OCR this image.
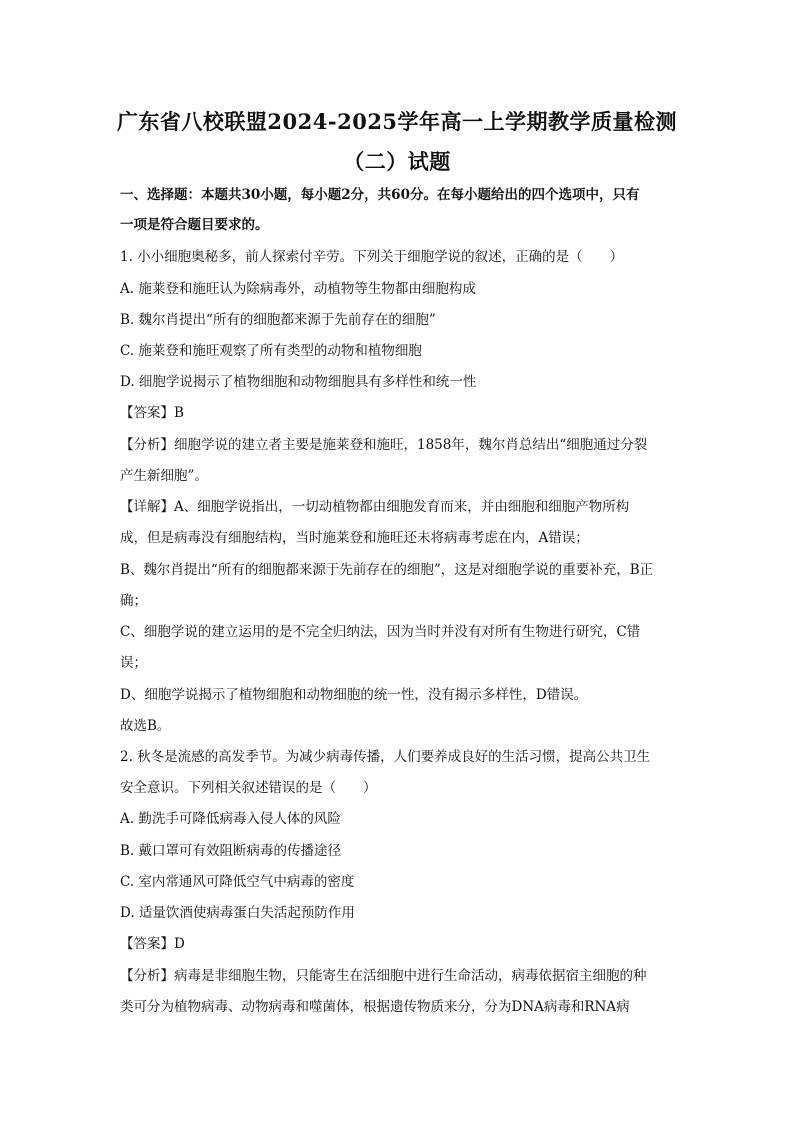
广东省八校联盟2024-2025学年高一上学期教学质量检测
（二）试题
一、选择题：本题共30小题，每小题2分，共60分。在每小题给出的四个选项中，只有
一项是符合题目要求的。
1. 小小细胞奥秘多，前人探索付辛劳。下列关于细胞学说的叙述，正确的是（　　）
A. 施莱登和施旺认为除病毒外，动植物等生物都由细胞构成
B. 魏尔肖提出“所有的细胞都来源于先前存在的细胞”
C. 施莱登和施旺观察了所有类型的动物和植物细胞
D. 细胞学说揭示了植物细胞和动物细胞具有多样性和统一性
【答案】B
【分析】细胞学说的建立者主要是施莱登和施旺，1858年，魏尔肖总结出“细胞通过分裂
产生新细胞”。
【详解】A、细胞学说指出，一切动植物都由细胞发育而来，并由细胞和细胞产物所构
成，但是病毒没有细胞结构，当时施莱登和施旺还未将病毒考虑在内，A错误；
B、魏尔肖提出“所有的细胞都来源于先前存在的细胞”，这是对细胞学说的重要补充，B正
确；
C、细胞学说的建立运用的是不完全归纳法，因为当时并没有对所有生物进行研究，C错
误；
D、细胞学说揭示了植物细胞和动物细胞的统一性，没有揭示多样性，D错误。
故选B。
2. 秋冬是流感的高发季节。为减少病毒传播，人们要养成良好的生活习惯，提高公共卫生
安全意识。下列相关叙述错误的是（　　）
A. 勤洗手可降低病毒入侵人体的风险
B. 戴口罩可有效阻断病毒的传播途径
C. 室内常通风可降低空气中病毒的密度
D. 适量饮酒使病毒蛋白失活起预防作用
【答案】D
【分析】病毒是非细胞生物，只能寄生在活细胞中进行生命活动，病毒依据宿主细胞的种
类可分为植物病毒、动物病毒和噬菌体，根据遗传物质来分，分为DNA病毒和RNA病
